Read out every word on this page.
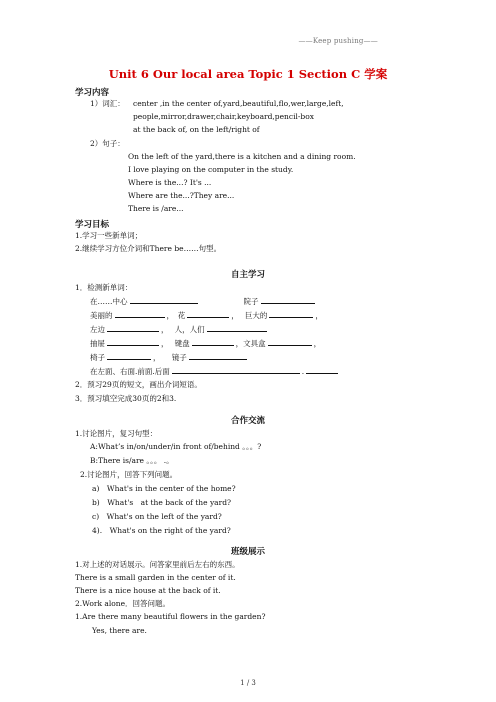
——Keep pushing——
Unit 6 Our local area Topic 1 Section C 学案
学习内容
1）词汇： center ,in the center of,yard,beautiful,flo,wer,large,left,
people,mirror,drawer,chair,keyboard,pencil-box
at the back of, on the left/right of
2）句子：
On the left of the yard,there is a kitchen and a dining room.
I love playing on the computer in the study.
Where is the...? It's ...
Where are the...?They are...
There is /are...
学习目标
1.学习一些新单词；
2.继续学习方位介词和There be……句型。
自主学习
1．检测新单词：
在……中心	院子
美丽的	，　花	，　 巨大的	，
左边	，　 人，人们
抽屉	，　 键盘	，文具盒	，
椅子	，　　镜子
在左面、右面.前面.后面	.
2．预习29页的短文，画出介词短语。
3．预习填空完成30页的2和3.
合作交流
1.讨论图片，复习句型：
A:What’s in/on/under/in front of/behind 。。。?
B:There is/are 。。。 .。
2.讨论图片，回答下列问题。
a)　What's in the center of the home?
b)　What's　at the back of the yard?
c)　What's on the left of the yard?
4).　What's on the right of the yard?
班级展示
1.对上述的对话展示。问答家里前后左右的东西。
There is a small garden in the center of it.
There is a nice house at the back of it.
2.Work alone．回答问题。
1.Are there many beautiful flowers in the garden?
Yes, there are.
1 / 3
